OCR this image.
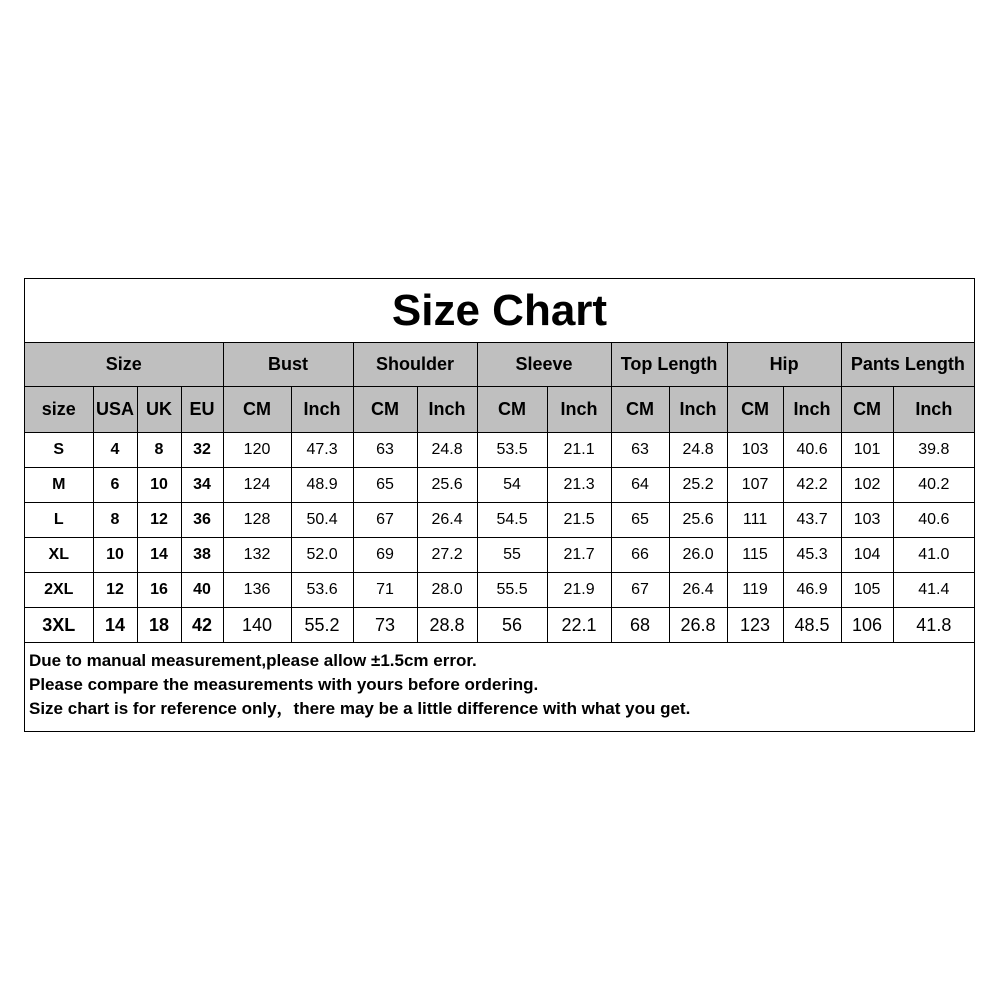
Size Chart
Size				Bust		Shoulder		Sleeve		Top Length		Hip		Pants Length	
size	USA	UK	EU	CM	Inch	CM	Inch	CM	Inch	CM	Inch	CM	Inch	CM	Inch
S	4	8	32	120	47.3	63	24.8	53.5	21.1	63	24.8	103	40.6	101	39.8
M	6	10	34	124	48.9	65	25.6	54	21.3	64	25.2	107	42.2	102	40.2
L	8	12	36	128	50.4	67	26.4	54.5	21.5	65	25.6	111	43.7	103	40.6
XL	10	14	38	132	52.0	69	27.2	55	21.7	66	26.0	115	45.3	104	41.0
2XL	12	16	40	136	53.6	71	28.0	55.5	21.9	67	26.4	119	46.9	105	41.4
3XL	14	18	42	140	55.2	73	28.8	56	22.1	68	26.8	123	48.5	106	41.8
Due to manual measurement,please allow ±1.5cm error.
Please compare the measurements with yours before ordering.
Size chart is for reference only，there may be a little difference with what you get.
